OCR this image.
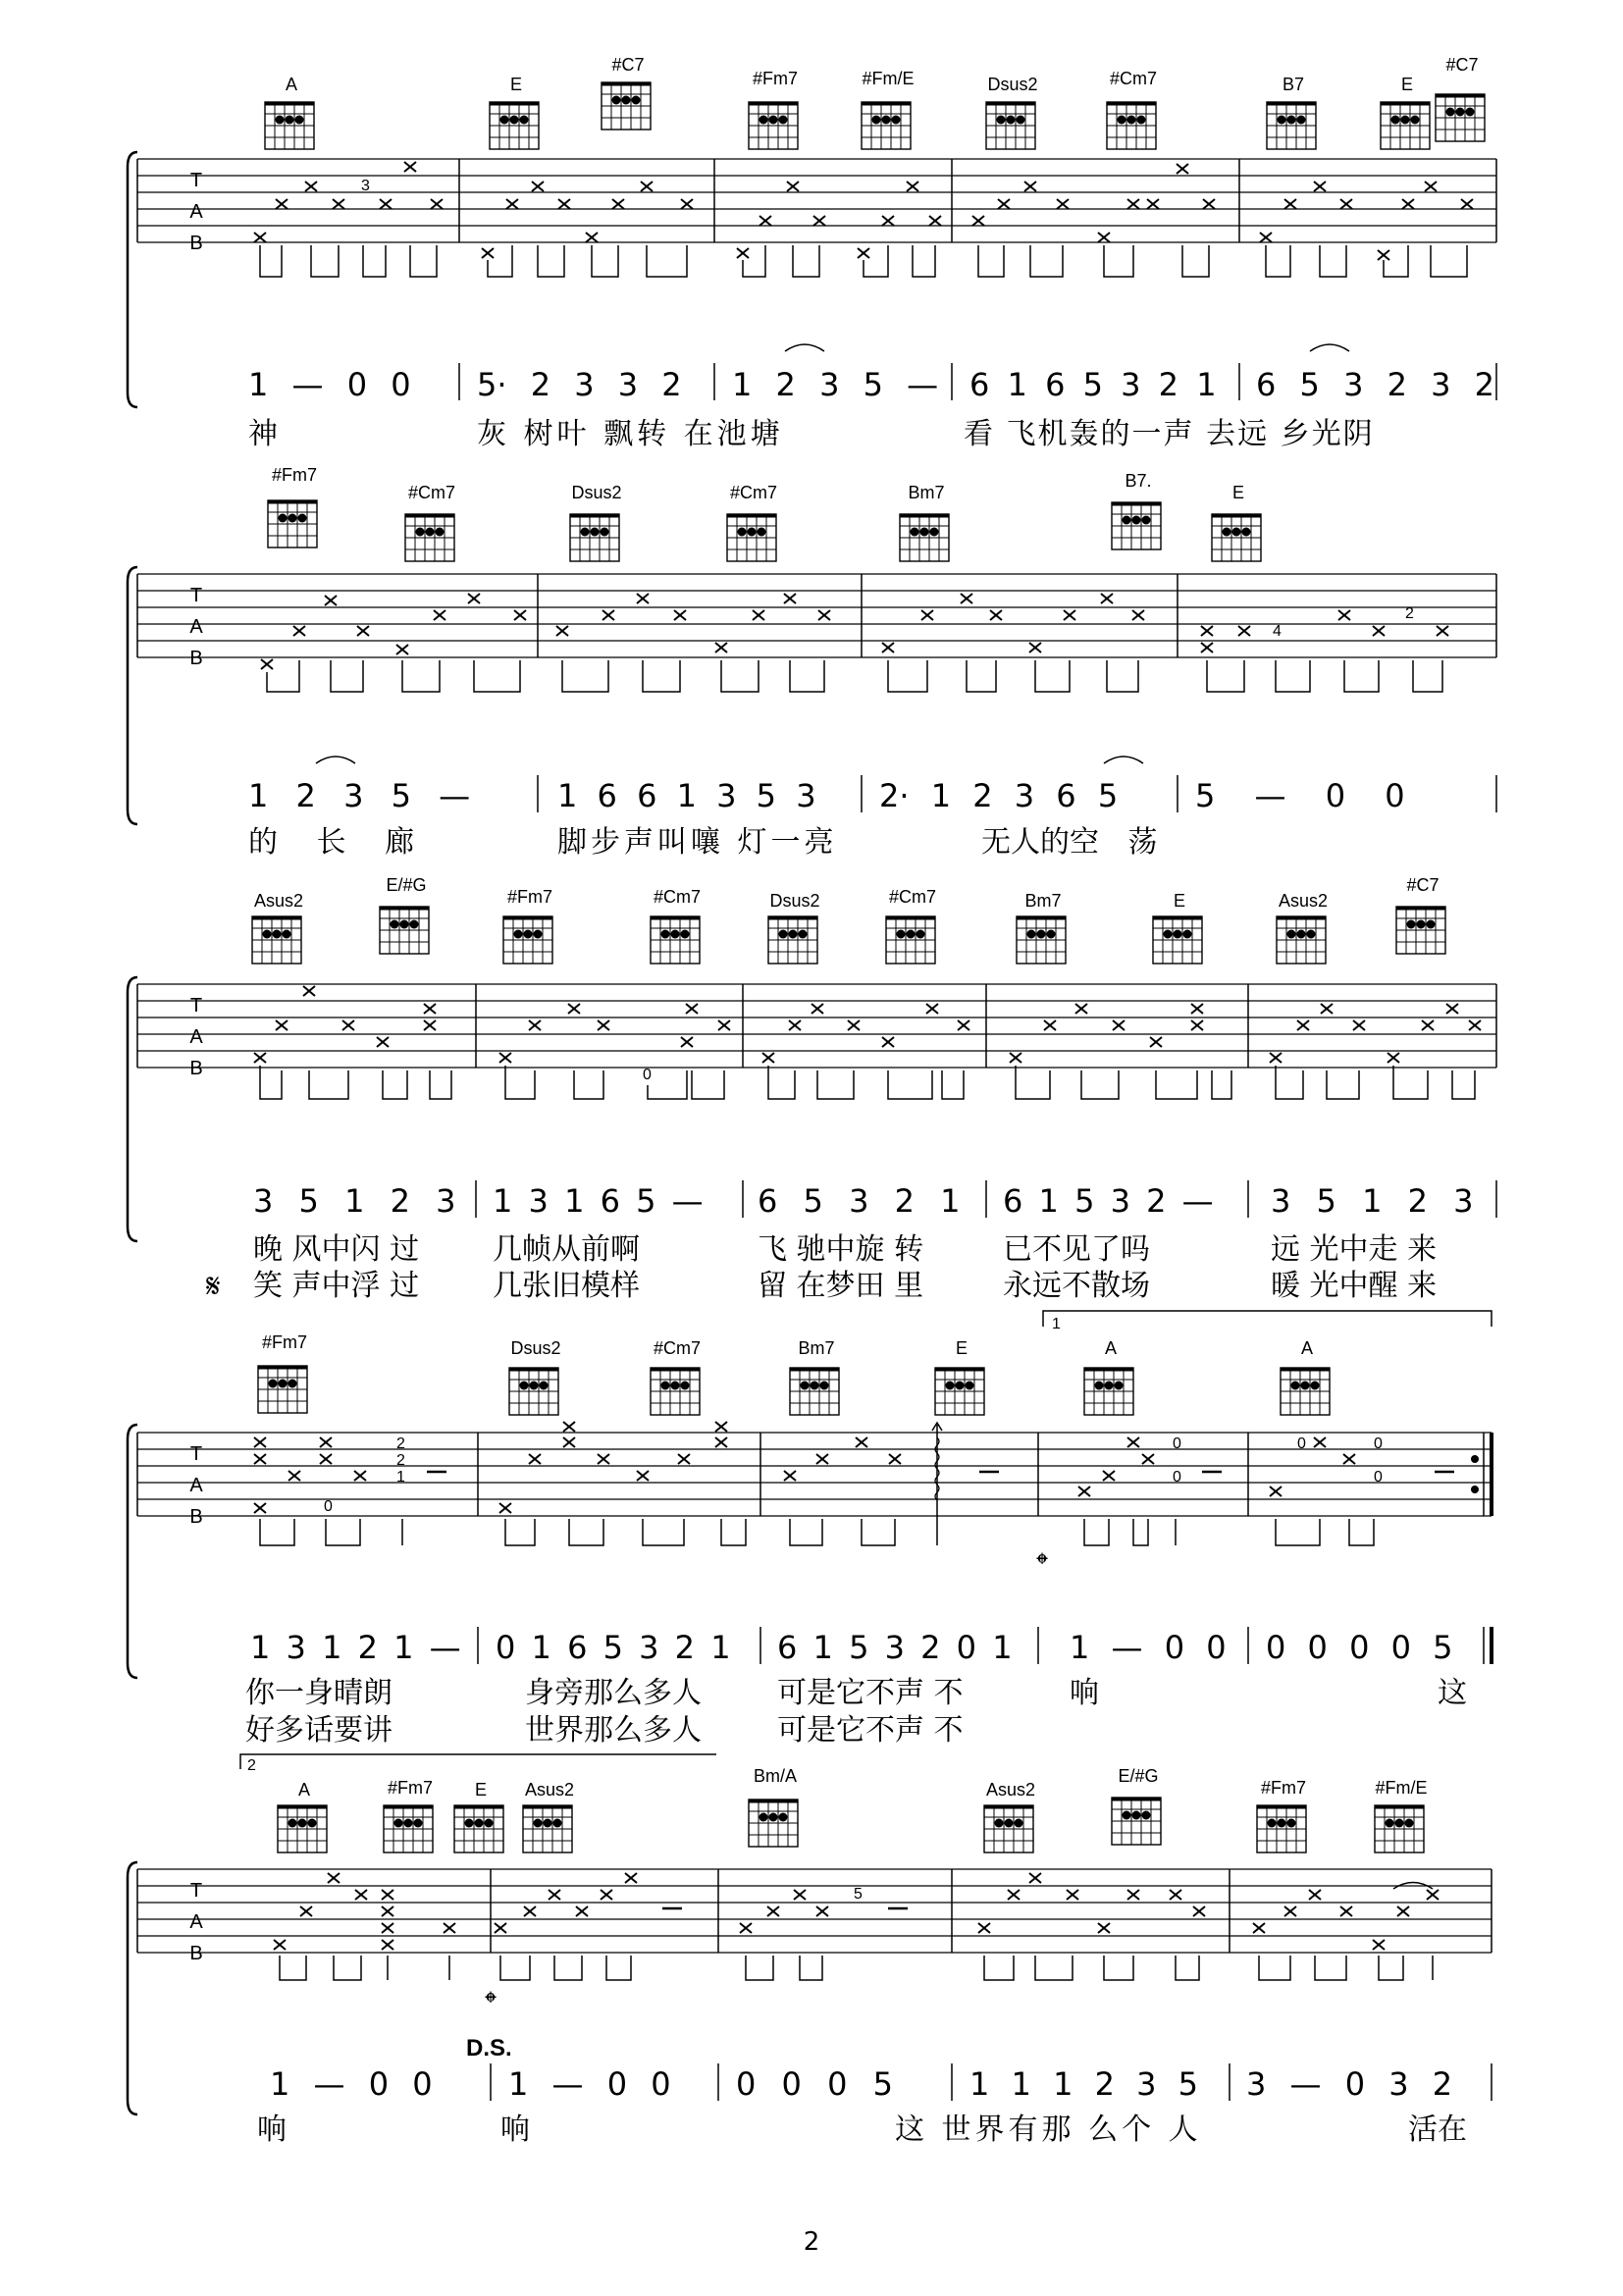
A	E
#C7
#Fm7	#Fm/E	Dsus2	#Cm7	B7	E
#C7
T
A
B
3
1 — 0 0 5· 2 3 3 2 1 2 3 5 — 6 1 6 5 3 2 1 6 5 3 2 3 2
神	灰 树叶 飘转 在池塘	看 飞机轰的一声 去远 乡光阴
#Fm7
#Cm7	Dsus2	#Cm7	Bm7
B7.
E
T
A
B
4
2
1 2 3 5 —	1 6 6 1 3 5 3 2· 1 2 3 6 5 5 — 0 0
的 长 廊	脚步声叫嚷 灯一亮	无人的空 荡
Asus2
E/#G
#Fm7	#Cm7	Dsus2	#Cm7	Bm7	E	Asus2
#C7
T
A
B	0
3 5 1 2 3 1 3 1 6 5 — 6 5 3 2 1 6 1 5 3 2 — 3 5 1 2 3
晚 风中闪 过 几帧从前啊	飞 驰中旋 转	已不见了吗	远 光中走 来
𝄋 笑 声中浮 过 几张旧模样	留 在梦田 里	永远不散场	暖 光中醒 来
1
#Fm7	Dsus2	#Cm7	Bm7	E	A	A
T
A
B	0
2
2
1
0
0
0	0
0
𝄌
1 3 1 2 1 — 0 1 6 5 3 2 1 6 1 5 3 2 0 1 1 — 0 0 0 0 0 0 5
你一身晴朗	身旁那么多人	可是它不声 不	响	这
好多话要讲	世界那么多人	可是它不声 不
2
A	#Fm7 E Asus2
Bm/A
Asus2
E/#G
#Fm7	#Fm/E
T
A
B
5
𝄌
D.S.
1 — 0 0 1 — 0 0 0 0 0 5 1 1 1 2 3 5 3 — 0 3 2
响	响	这 世界有那 么个 人	活在
2
